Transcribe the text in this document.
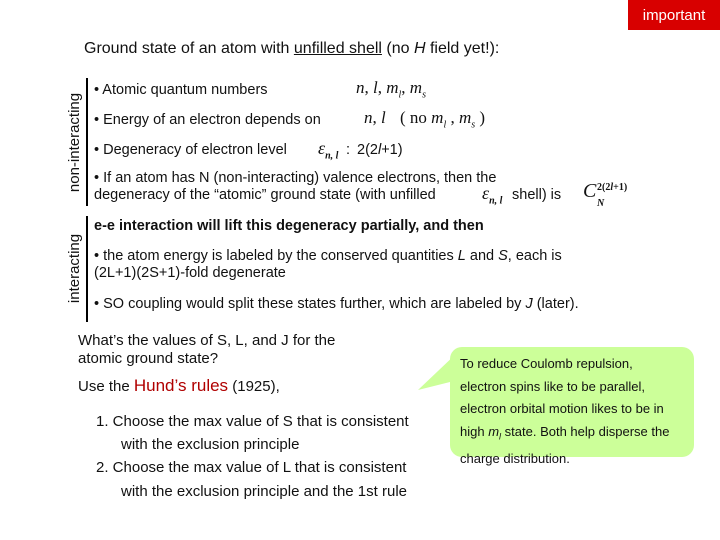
important
Ground state of an atom with unfilled shell (no H field yet!):
non-interacting
interacting
• Atomic quantum numbers	n, l, $m_l$, $m_s$
• Energy of an electron depends on	n, l ( no $m_l$ , $m_s$ )
• Degeneracy of electron level $\varepsilon_{n, l}$ : 2(2l+1)
• If an atom has N (non-interacting) valence electrons, then the
degeneracy of the “atomic” ground state (with unfilled	$\varepsilon_{n, l}$ shell) is C 2(2l+1)
N
e-e interaction will lift this degeneracy partially, and then
• the atom energy is labeled by the conserved quantities L and S, each is
(2L+1)(2S+1)-fold degenerate
• SO coupling would split these states further, which are labeled by J (later).
What’s the values of S, L, and J for the
atomic ground state?
Use the Hund’s rules (1925),
1. Choose the max value of S that is consistent
with the exclusion principle
2. Choose the max value of L that is consistent
with the exclusion principle and the 1st rule
To reduce Coulomb repulsion,
electron spins like to be parallel,
electron orbital motion likes to be in
high $m_l$ state. Both help disperse the
charge distribution.
